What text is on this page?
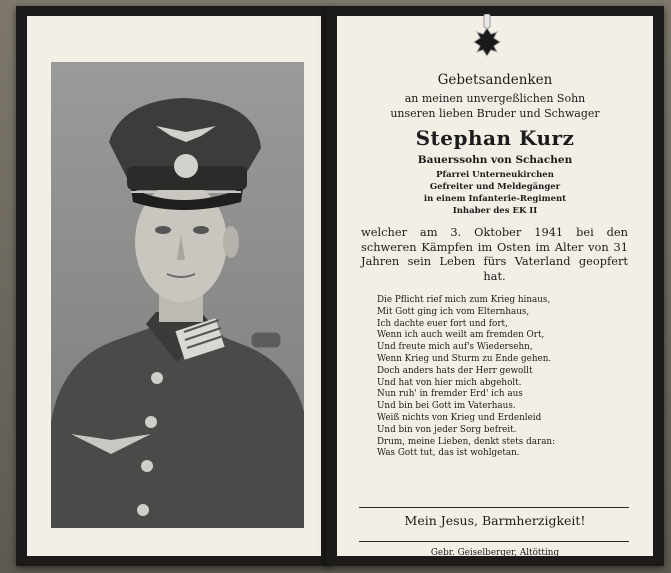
Gebetsandenken
an meinen unvergeßlichen Sohn
unseren lieben Bruder und Schwager
Stephan Kurz
Bauerssohn von Schachen
Pfarrei Unterneukirchen
Gefreiter und Meldegänger
in einem Infanterie-Regiment
Inhaber des EK II
welcher am 3. Oktober 1941 bei den schweren Kämpfen im Osten im Alter von 31 Jahren sein Leben fürs Vaterland geopfert hat.
Die Pflicht rief mich zum Krieg hinaus,
Mit Gott ging ich vom Elternhaus,
Ich dachte euer fort und fort,
Wenn ich auch weilt am fremden Ort,
Und freute mich auf's Wiedersehn,
Wenn Krieg und Sturm zu Ende gehen.
Doch anders hats der Herr gewollt
Und hat von hier mich abgeholt.
Nun ruh' in fremder Erd' ich aus
Und bin bei Gott im Vaterhaus.
Weiß nichts von Krieg und Erdenleid
Und bin von jeder Sorg befreit.
Drum, meine Lieben, denkt stets daran:
Was Gott tut, das ist wohlgetan.
Mein Jesus, Barmherzigkeit!
Gebr. Geiselberger, Altötting
